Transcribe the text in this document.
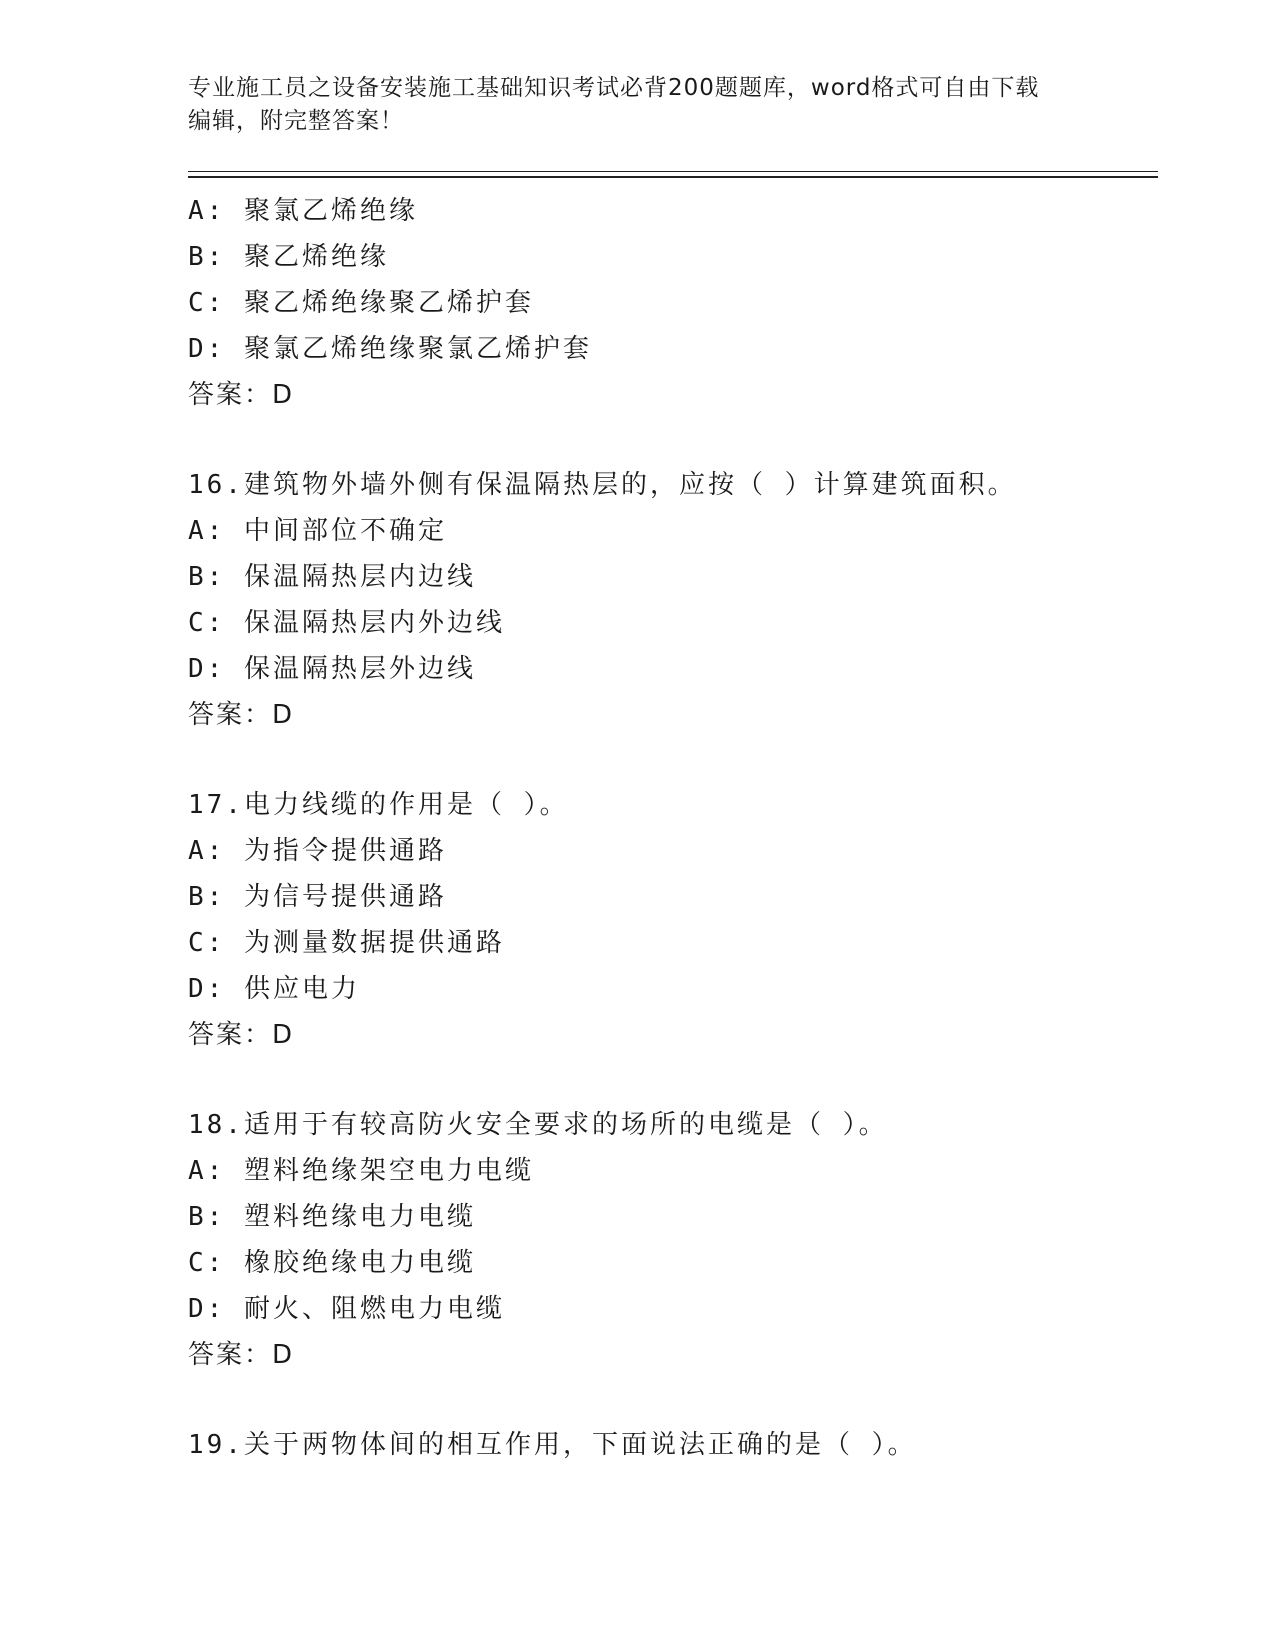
专业施工员之设备安装施工基础知识考试必背200题题库，word格式可自由下载
编辑，附完整答案！
A: 聚氯乙烯绝缘
B: 聚乙烯绝缘
C: 聚乙烯绝缘聚乙烯护套
D: 聚氯乙烯绝缘聚氯乙烯护套
答案：D
16.建筑物外墙外侧有保温隔热层的，应按（ ）计算建筑面积。
A: 中间部位不确定
B: 保温隔热层内边线
C: 保温隔热层内外边线
D: 保温隔热层外边线
答案：D
17.电力线缆的作用是（ ）。
A: 为指令提供通路
B: 为信号提供通路
C: 为测量数据提供通路
D: 供应电力
答案：D
18.适用于有较高防火安全要求的场所的电缆是（ ）。
A: 塑料绝缘架空电力电缆
B: 塑料绝缘电力电缆
C: 橡胶绝缘电力电缆
D: 耐火、阻燃电力电缆
答案：D
19.关于两物体间的相互作用，下面说法正确的是（ ）。
